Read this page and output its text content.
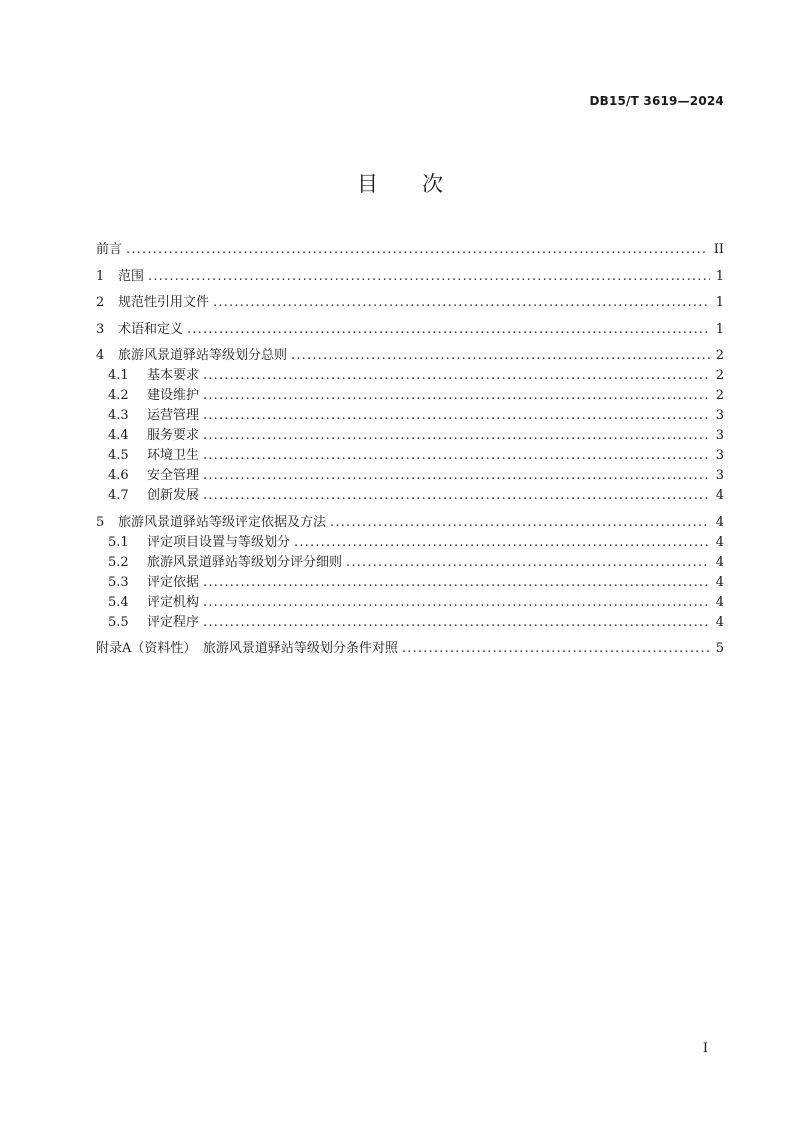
DB15/T 3619—2024
目次
前言 .....	II
1	范围 .....	1
2	规范性引用文件 .....	1
3	术语和定义 .....	1
4	旅游风景道驿站等级划分总则 .....	2
4.1	基本要求 .....	2
4.2	建设维护 .....	2
4.3	运营管理 .....	3
4.4	服务要求 .....	3
4.5	环境卫生 .....	3
4.6	安全管理 .....	3
4.7	创新发展 .....	4
5	旅游风景道驿站等级评定依据及方法 .....	4
5.1	评定项目设置与等级划分 .....	4
5.2	旅游风景道驿站等级划分评分细则 .....	4
5.3	评定依据 .....	4
5.4	评定机构 .....	4
5.5	评定程序 .....	4
附录A（资料性）　旅游风景道驿站等级划分条件对照 .....	5
I
